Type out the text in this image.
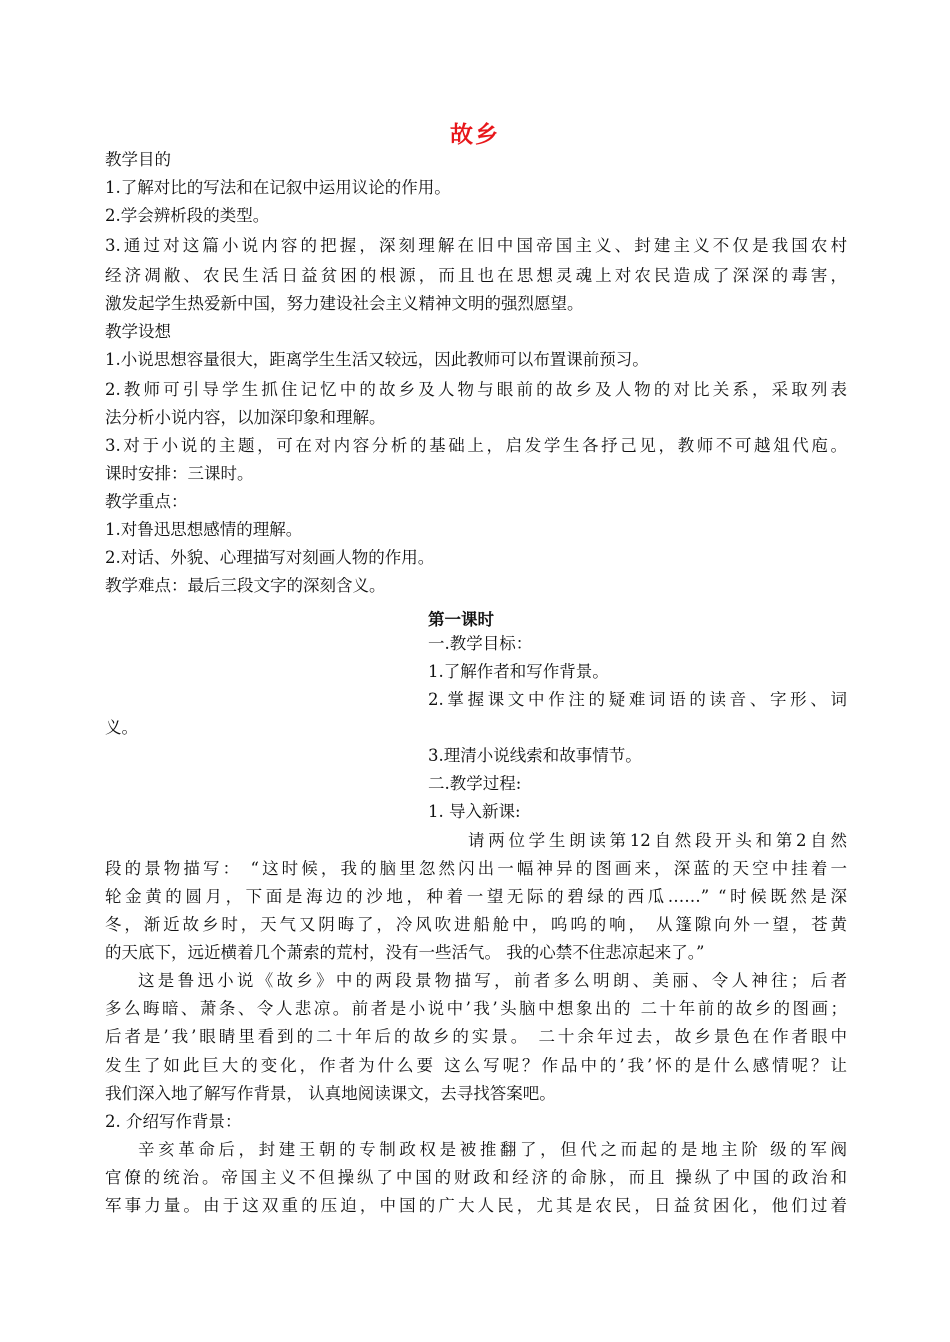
故乡
教学目的
1.了解对比的写法和在记叙中运用议论的作用。
2.学会辨析段的类型。
3.通过对这篇小说内容的把握，深刻理解在旧中国帝国主义、封建主义不仅是我国农村
经济凋敝、农民生活日益贫困的根源，而且也在思想灵魂上对农民造成了深深的毒害，
激发起学生热爱新中国，努力建设社会主义精神文明的强烈愿望。
教学设想
1.小说思想容量很大，距离学生生活又较远，因此教师可以布置课前预习。
2.教师可引导学生抓住记忆中的故乡及人物与眼前的故乡及人物的对比关系，采取列表
法分析小说内容，以加深印象和理解。
3.对于小说的主题，可在对内容分析的基础上，启发学生各抒己见，教师不可越俎代庖。
课时安排：三课时。
教学重点：
1.对鲁迅思想感情的理解。
2.对话、外貌、心理描写对刻画人物的作用。
教学难点：最后三段文字的深刻含义。
第一课时
一.教学目标：
1.了解作者和写作背景。
2.掌握课文中作注的疑难词语的读音、字形、词
义。
3.理清小说线索和故事情节。
二.教学过程:
1. 导入新课:
请两位学生朗读第12自然段开头和第2自然
段的景物描写： “这时候，我的脑里忽然闪出一幅神异的图画来，深蓝的天空中挂着一
轮金黄的圆月，下面是海边的沙地，种着一望无际的碧绿的西瓜……” “时候既然是深
冬，渐近故乡时，天气又阴晦了，冷风吹进船舱中，呜呜的响， 从篷隙向外一望，苍黄
的天底下，远近横着几个萧索的荒村，没有一些活气。 我的心禁不住悲凉起来了。”
这是鲁迅小说《故乡》中的两段景物描写，前者多么明朗、美丽、令人神往；后者
多么晦暗、萧条、令人悲凉。前者是小说中’我’头脑中想象出的 二十年前的故乡的图画；
后者是’我’眼睛里看到的二十年后的故乡的实景。 二十余年过去，故乡景色在作者眼中
发生了如此巨大的变化，作者为什么要 这么写呢？作品中的’我’怀的是什么感情呢？让
我们深入地了解写作背景， 认真地阅读课文，去寻找答案吧。
2. 介绍写作背景：
辛亥革命后，封建王朝的专制政权是被推翻了，但代之而起的是地主阶 级的军阀
官僚的统治。帝国主义不但操纵了中国的财政和经济的命脉，而且 操纵了中国的政治和
军事力量。由于这双重的压迫，中国的广大人民，尤其是农民，日益贫困化，他们过着
